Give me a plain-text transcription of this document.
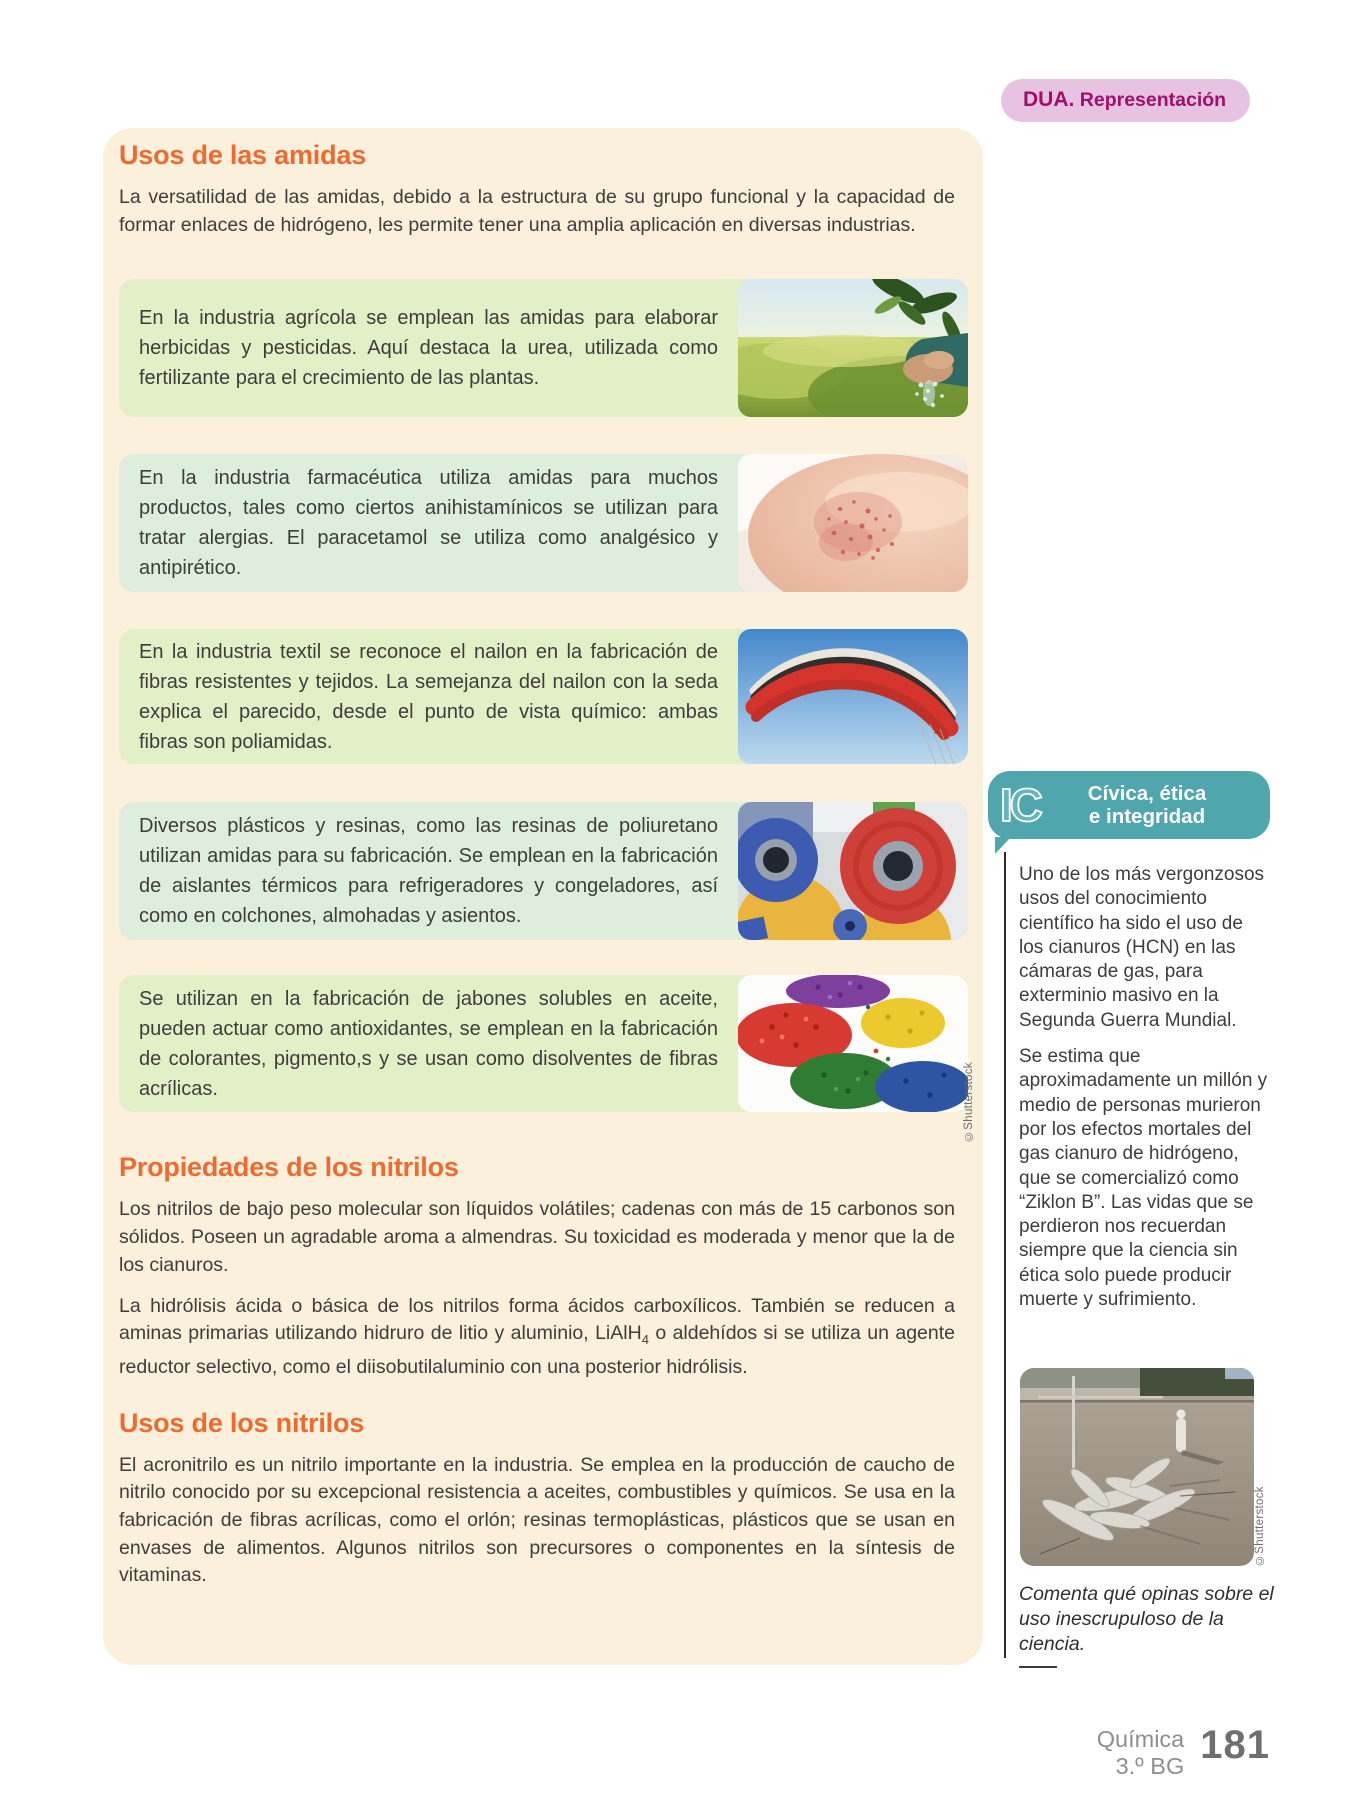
DUA. Representación
Usos de las amidas

La versatilidad de las amidas, debido a la estructura de su grupo funcional y la capacidad de formar enlaces de hidrógeno, les permite tener una amplia aplicación en diversas industrias.

En la industria agrícola se emplean las amidas para elaborar herbicidas y pesticidas. Aquí destaca la urea, utilizada como fertilizante para el crecimiento de las plantas.
En la industria farmacéutica utiliza amidas para muchos productos, tales como ciertos anihistamínicos se utilizan para tratar alergias. El paracetamol se utiliza como analgésico y antipirético.
En la industria textil se reconoce el nailon en la fabricación de fibras resistentes y tejidos. La semejanza del nailon con la seda explica el parecido, desde el punto de vista químico: ambas fibras son poliamidas.
Diversos plásticos y resinas, como las resinas de poliuretano utilizan amidas para su fabricación. Se emplean en la fabricación de aislantes térmicos para refrigeradores y congeladores, así como en colchones, almohadas y asientos.
Se utilizan en la fabricación de jabones solubles en aceite, pueden actuar como antioxidantes, se emplean en la fabricación de colorantes, pigmento,s y se usan como disolventes de fibras acrílicas.
Propiedades de los nitrilos

Los nitrilos de bajo peso molecular son líquidos volátiles; cadenas con más de 15 carbonos son sólidos. Poseen un agradable aroma a almendras. Su toxicidad es moderada y menor que la de los cianuros.

La hidrólisis ácida o básica de los nitrilos forma ácidos carboxílicos. También se reducen a aminas primarias utilizando hidruro de litio y aluminio, LiAlH$_4$ o aldehídos si se utiliza un agente reductor selectivo, como el diisobutilaluminio con una posterior hidrólisis.

Usos de los nitrilos

El acronitrilo es un nitrilo importante en la industria. Se emplea en la producción de caucho de nitrilo conocido por su excepcional resistencia a aceites, combustibles y químicos. Se usa en la fabricación de fibras acrílicas, como el orlón; resinas termoplásticas, plásticos que se usan en envases de alimentos. Algunos nitrilos son precursores o componentes en la síntesis de vitaminas.

©Shutterstock
IC	Cívica, ética
e integridad

Uno de los más vergonzosos usos del conocimiento científico ha sido el uso de los cianuros (HCN) en las cámaras de gas, para exterminio masivo en la Segunda Guerra Mundial.

Se estima que aproximadamente un millón y medio de personas murieron por los efectos mortales del gas cianuro de hidrógeno, que se comercializó como “Ziklon B”. Las vidas que se perdieron nos recuerdan siempre que la ciencia sin ética solo puede producir muerte y sufrimiento.

©Shutterstock
Comenta qué opinas sobre el uso inescrupuloso de la ciencia.
Química
3.º BG 181
